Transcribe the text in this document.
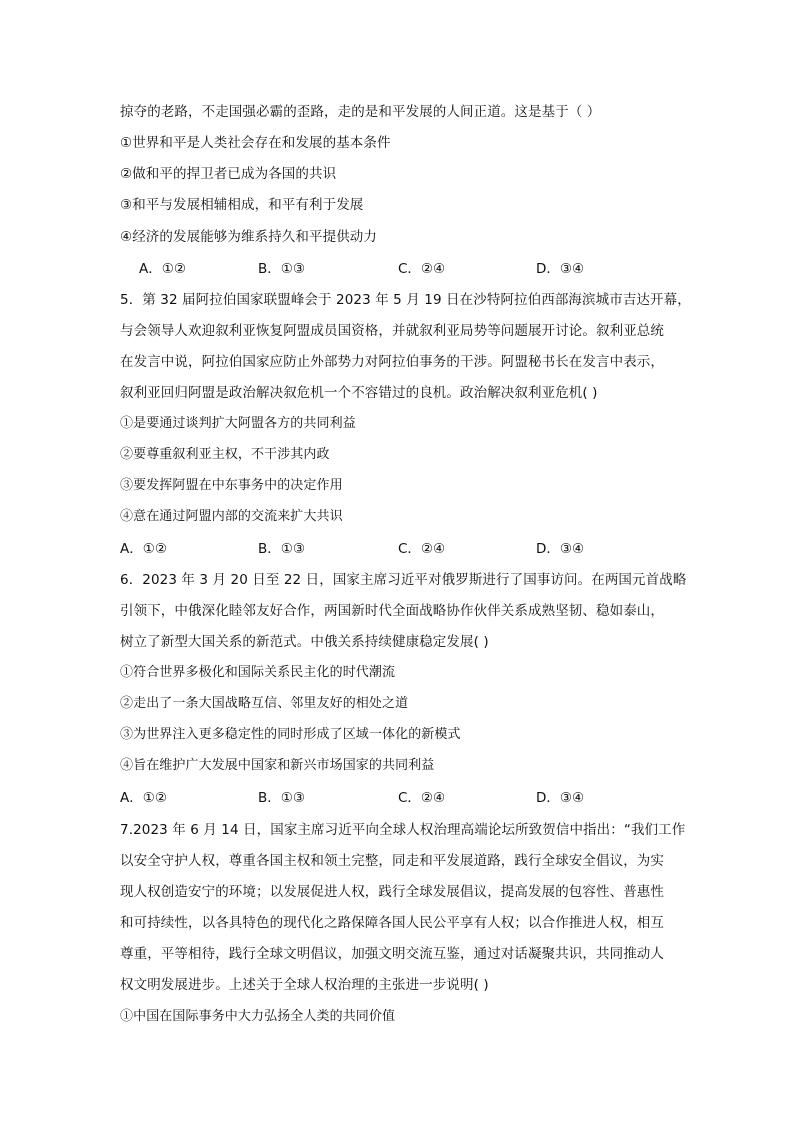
掠夺的老路，不走国强必霸的歪路，走的是和平发展的人间正道。这是基于（ ）
①世界和平是人类社会存在和发展的基本条件
②做和平的捍卫者已成为各国的共识
③和平与发展相辅相成，和平有利于发展
④经济的发展能够为维系持久和平提供动力
A．①②	B．①③	C．②④	D．③④
5．第 32 届阿拉伯国家联盟峰会于 2023 年 5 月 19 日在沙特阿拉伯西部海滨城市吉达开幕，
与会领导人欢迎叙利亚恢复阿盟成员国资格，并就叙利亚局势等问题展开讨论。叙利亚总统
在发言中说，阿拉伯国家应防止外部势力对阿拉伯事务的干涉。阿盟秘书长在发言中表示，
叙利亚回归阿盟是政治解决叙危机一个不容错过的良机。政治解决叙利亚危机( )
①是要通过谈判扩大阿盟各方的共同利益
②要尊重叙利亚主权，不干涉其内政
③要发挥阿盟在中东事务中的决定作用
④意在通过阿盟内部的交流来扩大共识
A．①②	B．①③	C．②④	D．③④
6．2023 年 3 月 20 日至 22 日，国家主席习近平对俄罗斯进行了国事访问。在两国元首战略
引领下，中俄深化睦邻友好合作，两国新时代全面战略协作伙伴关系成熟坚韧、稳如泰山，
树立了新型大国关系的新范式。中俄关系持续健康稳定发展( )
①符合世界多极化和国际关系民主化的时代潮流
②走出了一条大国战略互信、邻里友好的相处之道
③为世界注入更多稳定性的同时形成了区域一体化的新模式
④旨在维护广大发展中国家和新兴市场国家的共同利益
A．①②	B．①③	C．②④	D．③④
7.2023 年 6 月 14 日，国家主席习近平向全球人权治理高端论坛所致贺信中指出：“我们工作
以安全守护人权，尊重各国主权和领土完整，同走和平发展道路，践行全球安全倡议，为实
现人权创造安宁的环境；以发展促进人权，践行全球发展倡议，提高发展的包容性、普惠性
和可持续性，以各具特色的现代化之路保障各国人民公平享有人权；以合作推进人权，相互
尊重，平等相待，践行全球文明倡议，加强文明交流互鉴，通过对话凝聚共识，共同推动人
权文明发展进步。上述关于全球人权治理的主张进一步说明( )
①中国在国际事务中大力弘扬全人类的共同价值
